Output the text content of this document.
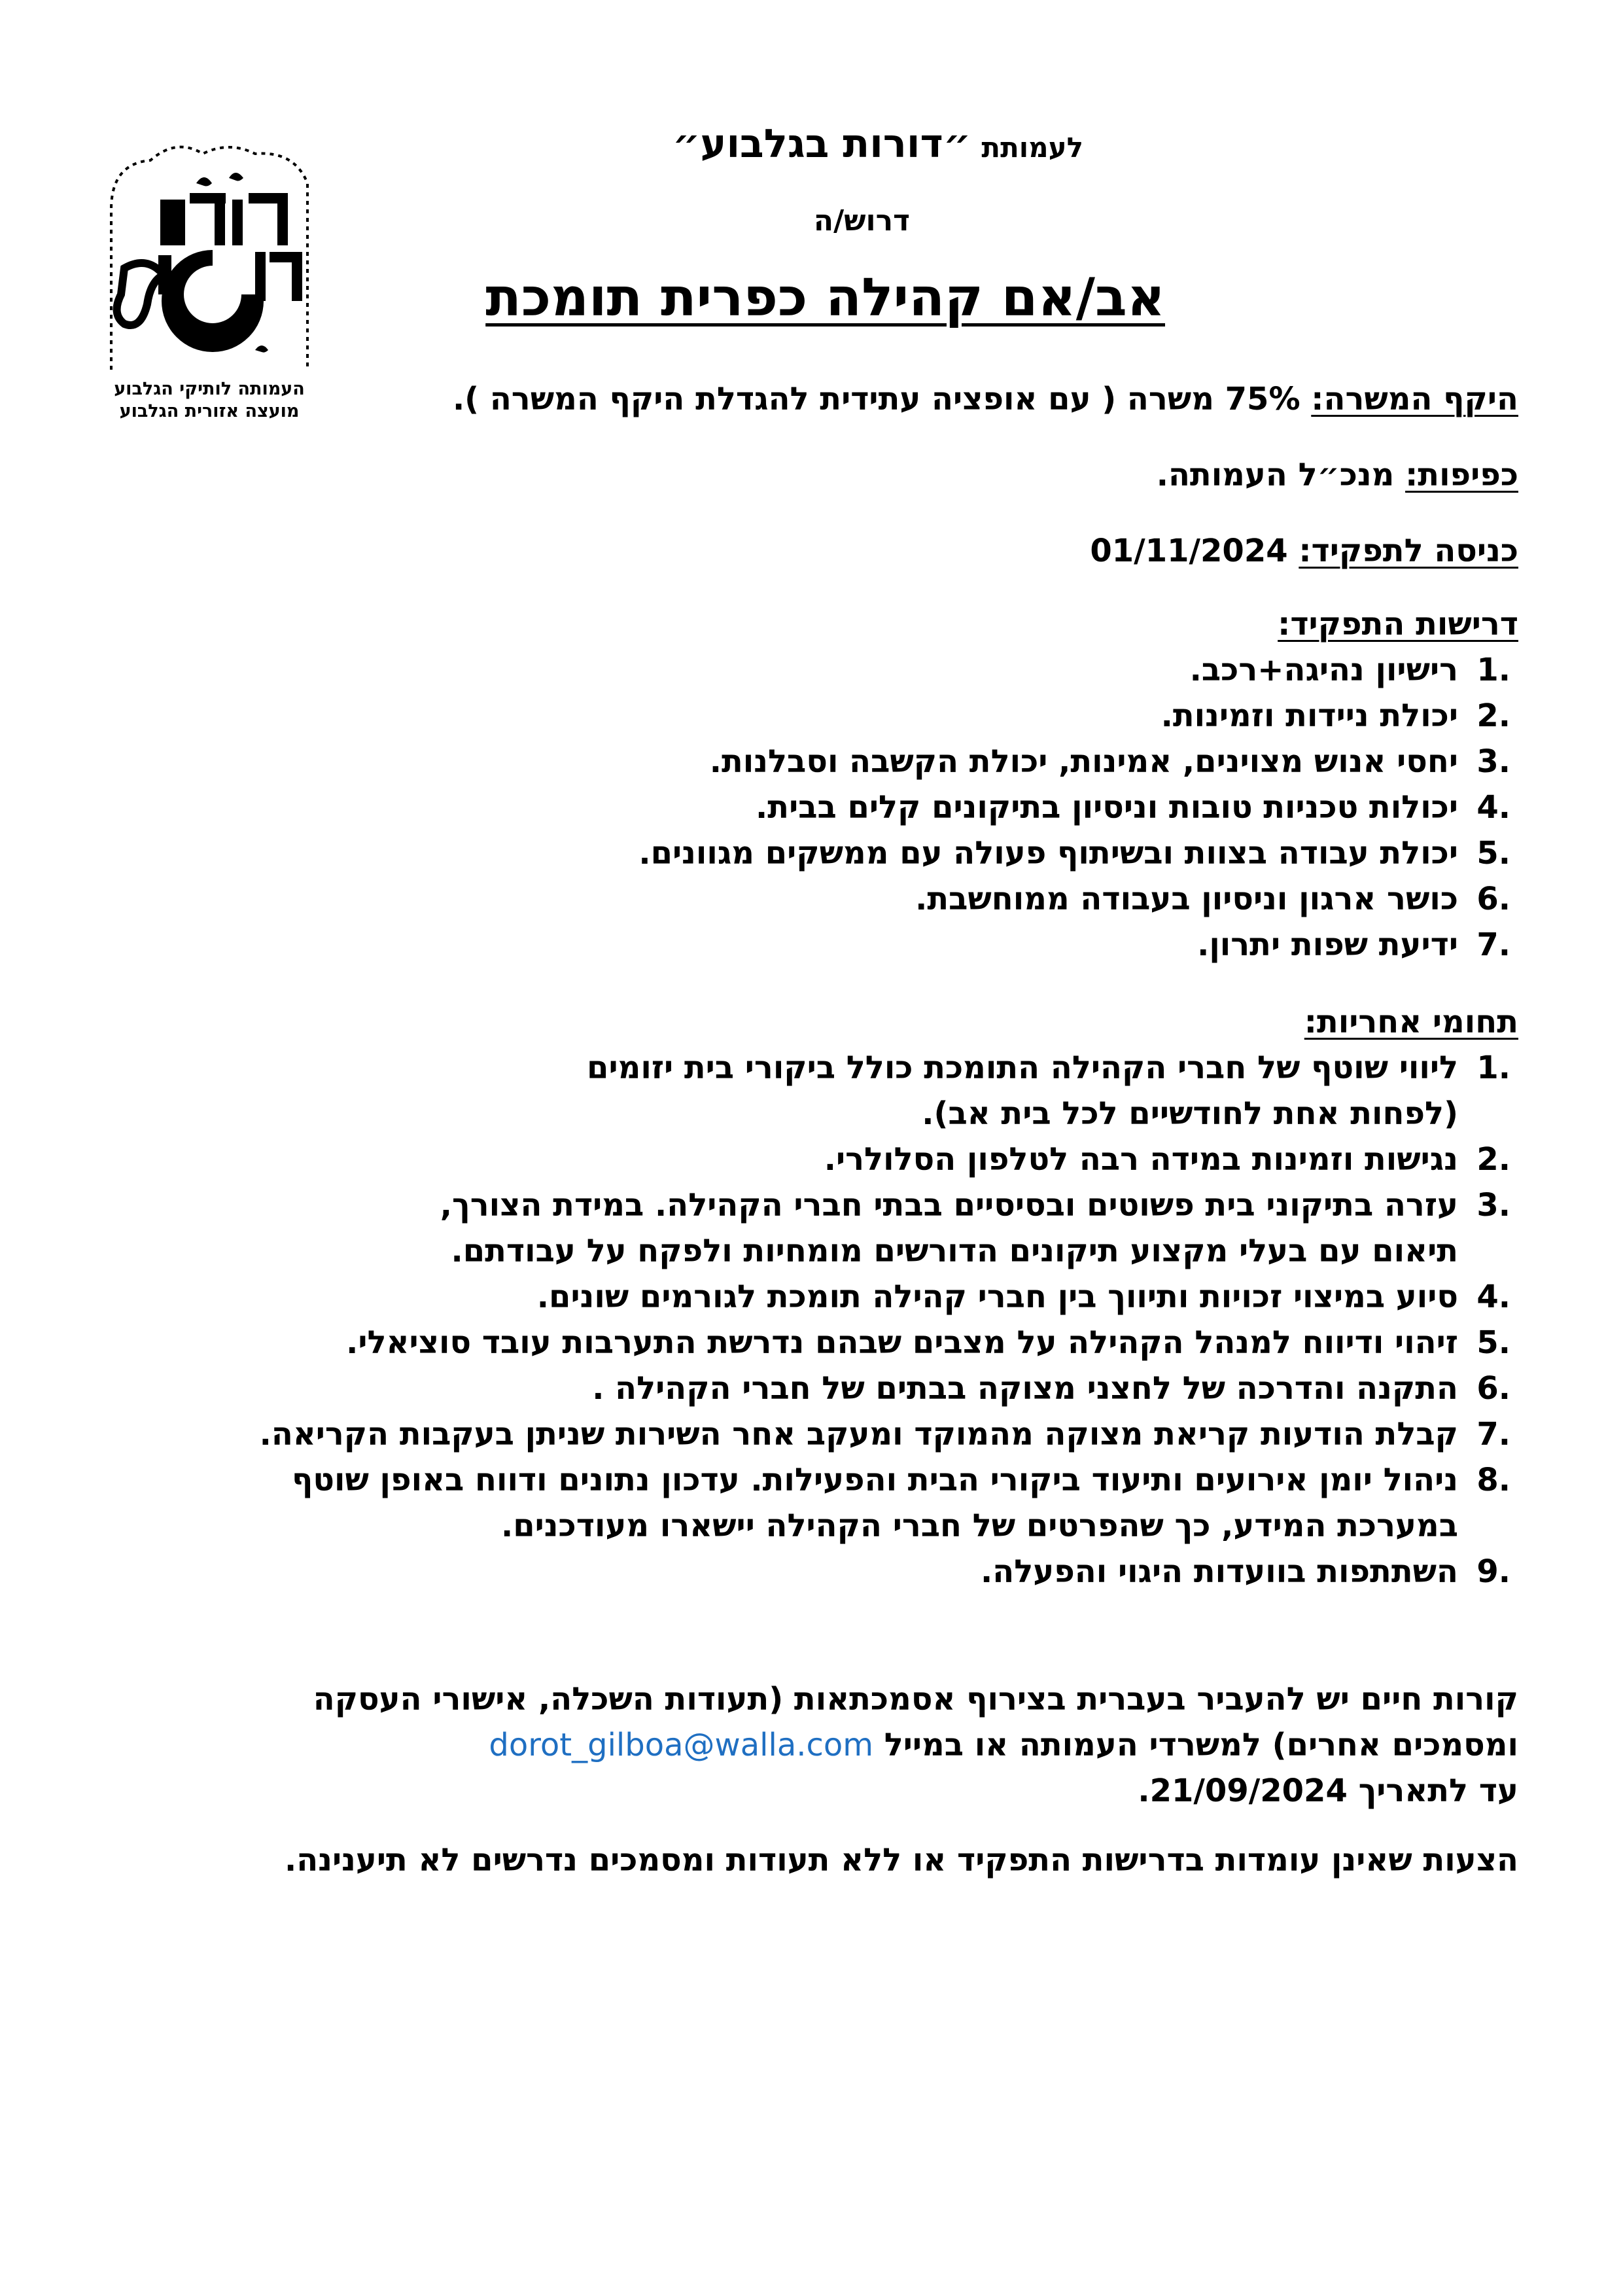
העמותה לותיקי הגלבוע
מועצה אזורית הגלבוע
לעמותת ״דורות בגלבוע״
דרוש/ה
אב/אם קהילה כפרית תומכת

היקף המשרה: 75% משרה ( עם אופציה עתידית להגדלת היקף המשרה ).

כפיפות: מנכ״ל העמותה.

כניסה לתפקיד: 01/11/2024

דרישות התפקיד:
1.
רישיון נהיגה+רכב.
2.
יכולת ניידות וזמינות.
3.
יחסי אנוש מצוינים, אמינות, יכולת הקשבה וסבלנות.
4.
יכולות טכניות טובות וניסיון בתיקונים קלים בבית.
5.
יכולת עבודה בצוות ובשיתוף פעולה עם ממשקים מגוונים.
6.
כושר ארגון וניסיון בעבודה ממוחשבת.
7.
ידיעת שפות יתרון.
תחומי אחריות:
1.
ליווי שוטף של חברי הקהילה התומכת כולל ביקורי בית יזומים
(לפחות אחת לחודשיים לכל בית אב).
2.
נגישות וזמינות במידה רבה לטלפון הסלולרי.
3.
עזרה בתיקוני בית פשוטים ובסיסיים בבתי חברי הקהילה. במידת הצורך,
תיאום עם בעלי מקצוע תיקונים הדורשים מומחיות ולפקח על עבודתם.
4.
סיוע במיצוי זכויות ותיווך בין חברי קהילה תומכת לגורמים שונים.
5.
זיהוי ודיווח למנהל הקהילה על מצבים שבהם נדרשת התערבות עובד סוציאלי.
6.
התקנה והדרכה של לחצני מצוקה בבתים של חברי הקהילה .
7.
קבלת הודעות קריאת מצוקה מהמוקד ומעקב אחר השירות שניתן בעקבות הקריאה.
8.
ניהול יומן אירועים ותיעוד ביקורי הבית והפעילות. עדכון נתונים ודווח באופן שוטף
במערכת המידע, כך שהפרטים של חברי הקהילה יישארו מעודכנים.
9.
השתתפות בוועדות היגוי והפעלה.

קורות חיים יש להעביר בעברית בצירוף אסמכתאות (תעודות השכלה, אישורי העסקה

ומסמכים אחרים) למשרדי העמותה או במייל dorot_gilboa@walla.com

עד לתאריך 21/09/2024.

הצעות שאינן עומדות בדרישות התפקיד או ללא תעודות ומסמכים נדרשים לא תיענינה.
